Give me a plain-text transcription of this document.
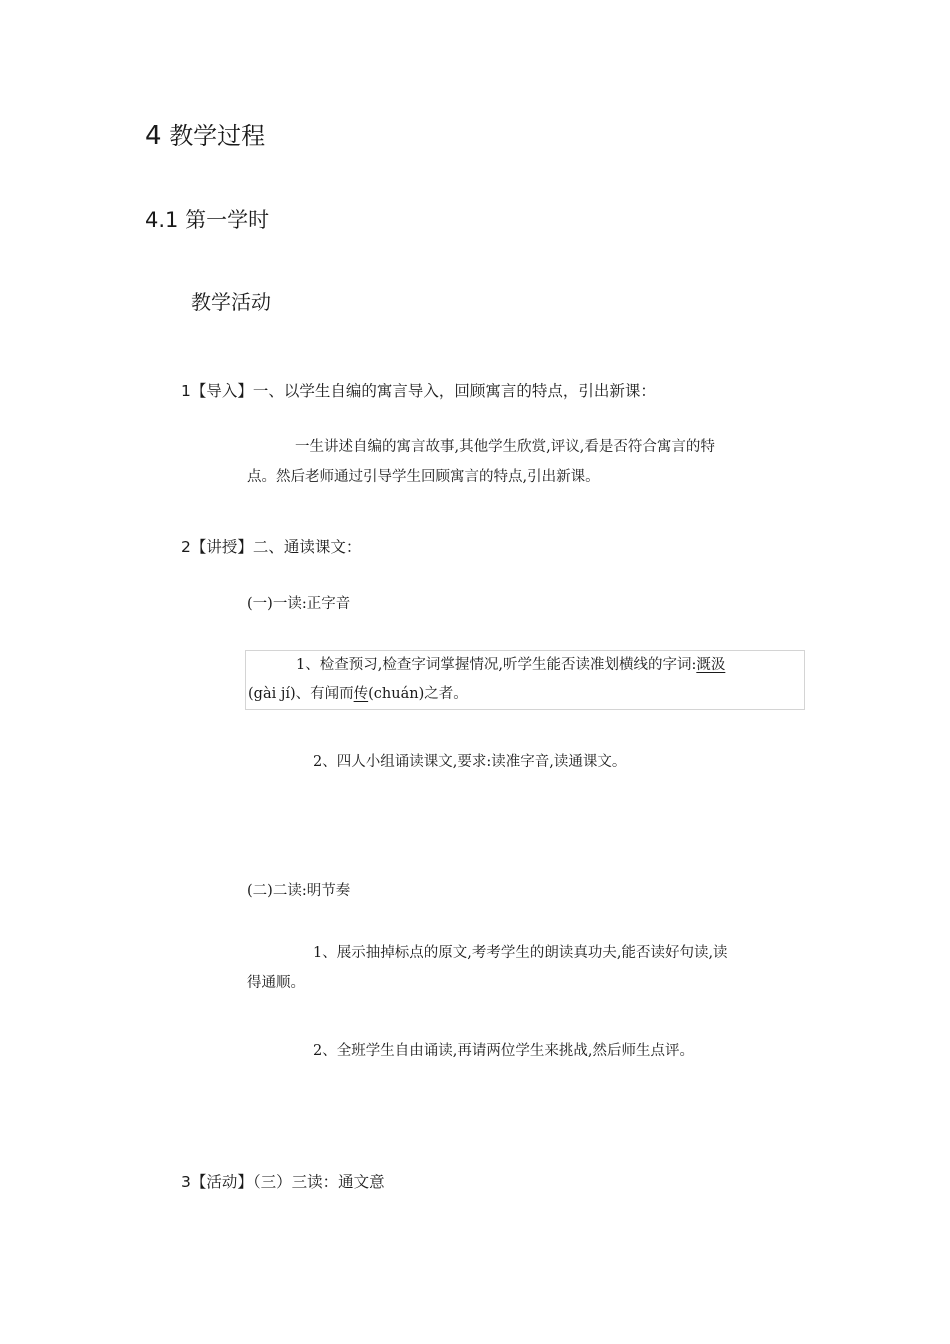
4 教学过程
4.1 第一学时
教学活动
1【导入】一、以学生自编的寓言导入，回顾寓言的特点，引出新课：

一生讲述自编的寓言故事,其他学生欣赏,评议,看是否符合寓言的特

点。然后老师通过引导学生回顾寓言的特点,引出新课。

2【讲授】二、通读课文：
(一)一读:正字音
1、检查预习,检查字词掌握情况,听学生能否读准划横线的字词:溉汲
(gài jí)、有闻而传(chuán)之者。
2、四人小组诵读课文,要求:读准字音,读通课文。
(二)二读:明节奏

1、展示抽掉标点的原文,考考学生的朗读真功夫,能否读好句读,读

得通顺。

2、全班学生自由诵读,再请两位学生来挑战,然后师生点评。
3【活动】（三）三读：通文意
